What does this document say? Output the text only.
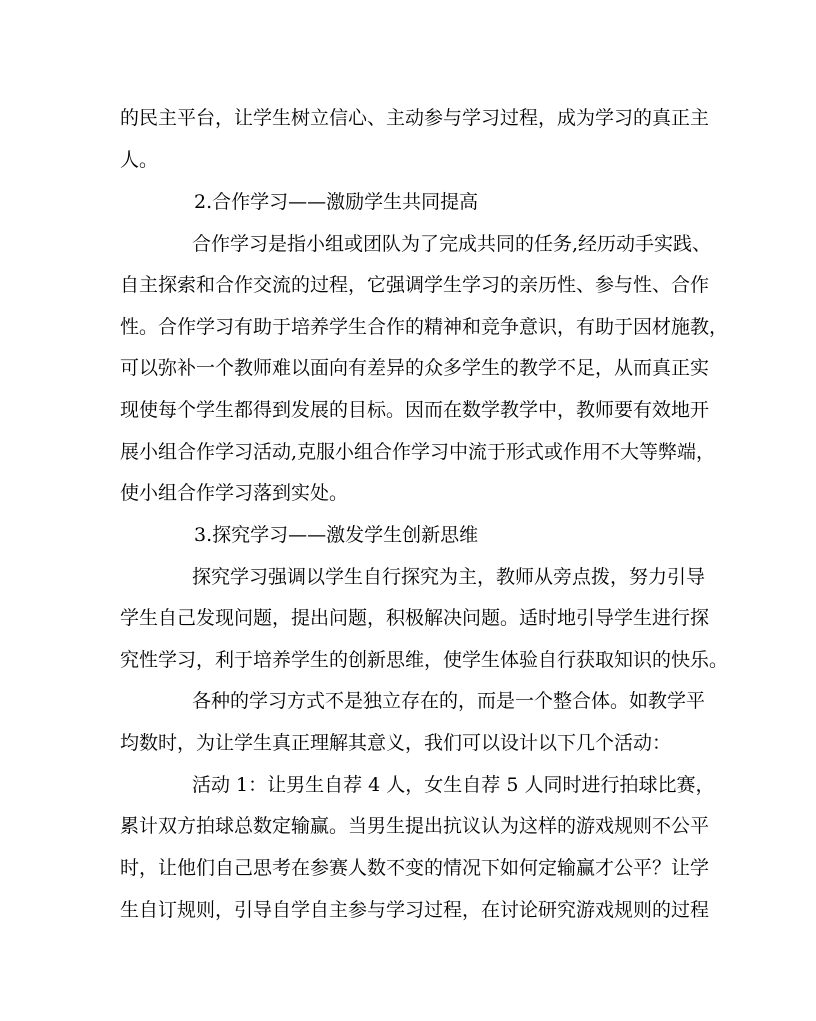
的民主平台，让学生树立信心、主动参与学习过程，成为学习的真正主
人。
2.合作学习——激励学生共同提高
合作学习是指小组或团队为了完成共同的任务,经历动手实践、
自主探索和合作交流的过程，它强调学生学习的亲历性、参与性、合作
性。合作学习有助于培养学生合作的精神和竞争意识，有助于因材施教，
可以弥补一个教师难以面向有差异的众多学生的教学不足，从而真正实
现使每个学生都得到发展的目标。因而在数学教学中，教师要有效地开
展小组合作学习活动,克服小组合作学习中流于形式或作用不大等弊端，
使小组合作学习落到实处。
3.探究学习——激发学生创新思维
探究学习强调以学生自行探究为主，教师从旁点拨，努力引导
学生自己发现问题，提出问题，积极解决问题。适时地引导学生进行探
究性学习，利于培养学生的创新思维，使学生体验自行获取知识的快乐。
各种的学习方式不是独立存在的，而是一个整合体。如教学平
均数时，为让学生真正理解其意义，我们可以设计以下几个活动：
活动 1：让男生自荐 4 人，女生自荐 5 人同时进行拍球比赛，
累计双方拍球总数定输赢。当男生提出抗议认为这样的游戏规则不公平
时，让他们自己思考在参赛人数不变的情况下如何定输赢才公平？让学
生自订规则，引导自学自主参与学习过程，在讨论研究游戏规则的过程
